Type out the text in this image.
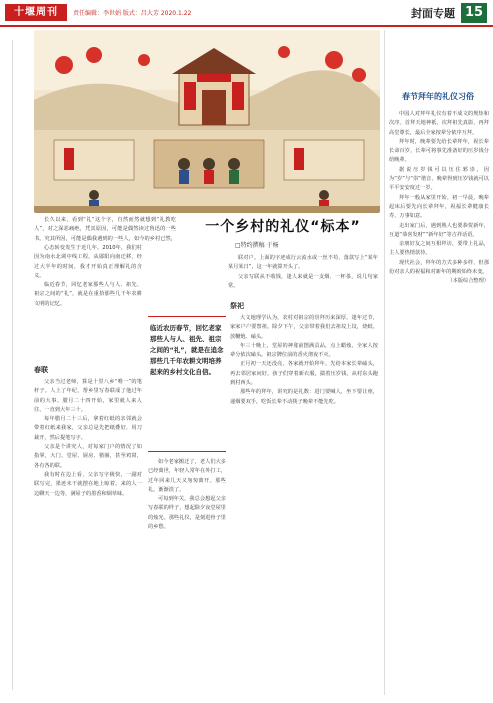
十堰周刊	责任编辑：李世娟 版式：昌大芳 2020.1.22	封面专题 15

长久以来，看到“礼”这个字，自然而然就想到“礼教吃人”，对之深恶痛绝，凭其原因，可能是偶然读过鲁迅的一些书。究其所因，可能是偶我遇到的一些人，如今的乡村已然，

心态转变发生于近几年。2010年，我们村因为南水北调中线工程，从郧阳向南迁移，经过大半年的时间，我才开始真正理解礼的含义。

临近春节，回忆老家那些人与人、祖先、祖宗之间的“礼”，就是在重拾那些几千年农耕文明的记忆。

一个乡村的礼仪“标本”
□特约撰稿 于杨

联对户。上面的字迹成行云流水或一丝不苟，落款写上“某年某月某日”，这一年就算开头了。

父亲写联从不收钱，逢人来就是一支烟、一杯茶，说几句家常。

春联

父亲当过老师，算是十里八乡“唯一”的笔杆子。人上了年纪，帮乡里写春联成了他过年前的大事。腊月二十四开始，家里就人来人往，一直到大年三十。

每年腊月二十三后，拿着红纸的亲邻就会带着红纸来我家，父亲总是先把纸叠好，用刀裁开，然后提笔写字。

父亲是个讲究人，对每家门户的情况了如指掌，大门、堂屋、厨房、猪圈，甚至鸡窝，各有各的联。

我有时在边上看，父亲写字极快，一副对联写完，墨迹未干就摆在地上晾着。来的人一边聊天一边等，满屋子的墨香和烟草味。

临近农历春节，回忆老家那些人与人、祖先、祖宗之间的“礼”，就是在追念那些几千年农耕文明培养起来的乡村文化自信。

如今老家搬迁了，老人们大多已经离世，年轻人常年在外打工，过年回来几天又匆匆离开。那些礼，渐渐淡了。

可每到年关，我总会想起父亲写春联的样子，想起除夕夜堂屋里的烛光。那些礼仪，是刻进骨子里的乡愁。

祭祀

大文地理学认为，农村对祖宗的崇拜历来深厚。逢年过节，家家户户要祭祖。除夕下午，父亲带着我们去祖坟上坟，烧纸、放鞭炮、磕头。

年三十晚上，堂屋的神龛前摆满贡品，点上蜡烛，全家人按辈分依次磕头。祖宗牌位前的香火彻夜不灭。

正月初一天还没亮，各家就开始拜年。先给本家长辈磕头，再去邻居家问好。孩子们穿着新衣服，揣着压岁钱，从村东头跑到村西头。

那些年的拜年，讲究的是礼数：进门要喊人，坐下要让座，递烟要双手，吃饭长辈不动筷子晚辈不能先吃。

春节拜年的礼仪习俗

中国人对拜年礼仪有着不成文的规矩和次序。首拜天地神祇，次拜祖先真影，再拜高堂尊长，最后全家按辈分依序互拜。

拜年时，晚辈要先给长辈拜年，祝长辈长命百岁，长辈可将事先准备好的压岁钱分给晚辈。

据说压岁钱可以压住邪祟，因为“岁”与“祟”谐音，晚辈得到压岁钱就可以平平安安度过一岁。

拜年一般从家里开始。初一早晨，晚辈起床后要先向长辈拜年，祝福长辈健康长寿、万事如意。

走出家门后，遇到熟人也要恭贺新年，互道“恭喜发财”“新年好”等吉祥话语。

亲朋好友之间互相拜访，要带上礼品，主人要热情款待。

现代社会，拜年的方式多种多样，但那份对亲人的祝福和对新年的期盼始终未变。

（本版综合整理）
